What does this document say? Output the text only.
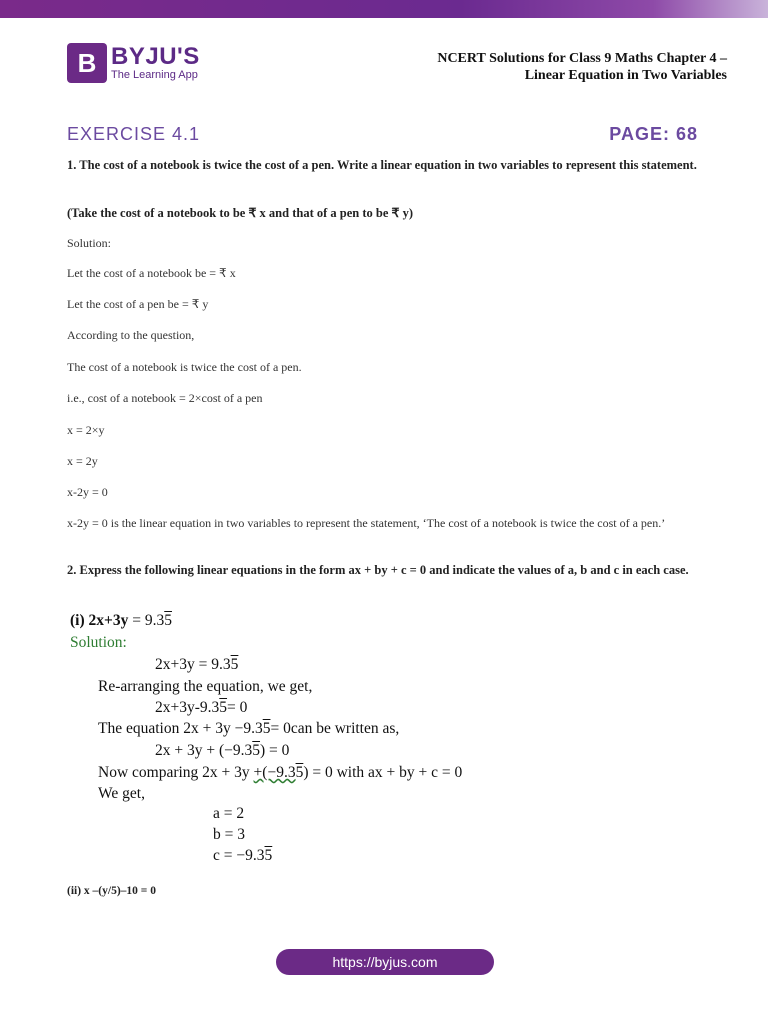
B BYJU'S
The Learning App
NCERT Solutions for Class 9 Maths Chapter 4 –
Linear Equation in Two Variables
EXERCISE 4.1	PAGE: 68
1. The cost of a notebook is twice the cost of a pen. Write a linear equation in two variables to represent this statement.
(Take the cost of a notebook to be ₹ x and that of a pen to be ₹ y)
Solution:
Let the cost of a notebook be = ₹ x
Let the cost of a pen be = ₹ y
According to the question,
The cost of a notebook is twice the cost of a pen.
i.e., cost of a notebook = 2×cost of a pen
x = 2×y
x = 2y
x-2y = 0
x-2y = 0 is the linear equation in two variables to represent the statement, ‘The cost of a notebook is twice the cost of a pen.’
2. Express the following linear equations in the form ax + by + c = 0 and indicate the values of a, b and c in each case.
(i) 2x+3y = 9.35
Solution:
2x+3y = 9.35
Re-arranging the equation, we get,
2x+3y-9.35= 0
The equation 2x + 3y −9.35= 0can be written as,
2x + 3y + (−9.35) = 0
Now comparing 2x + 3y +(−9.35) = 0 with ax + by + c = 0
We get,
a = 2
b = 3
c = −9.35
(ii) x –(y/5)–10 = 0
https://byjus.com
